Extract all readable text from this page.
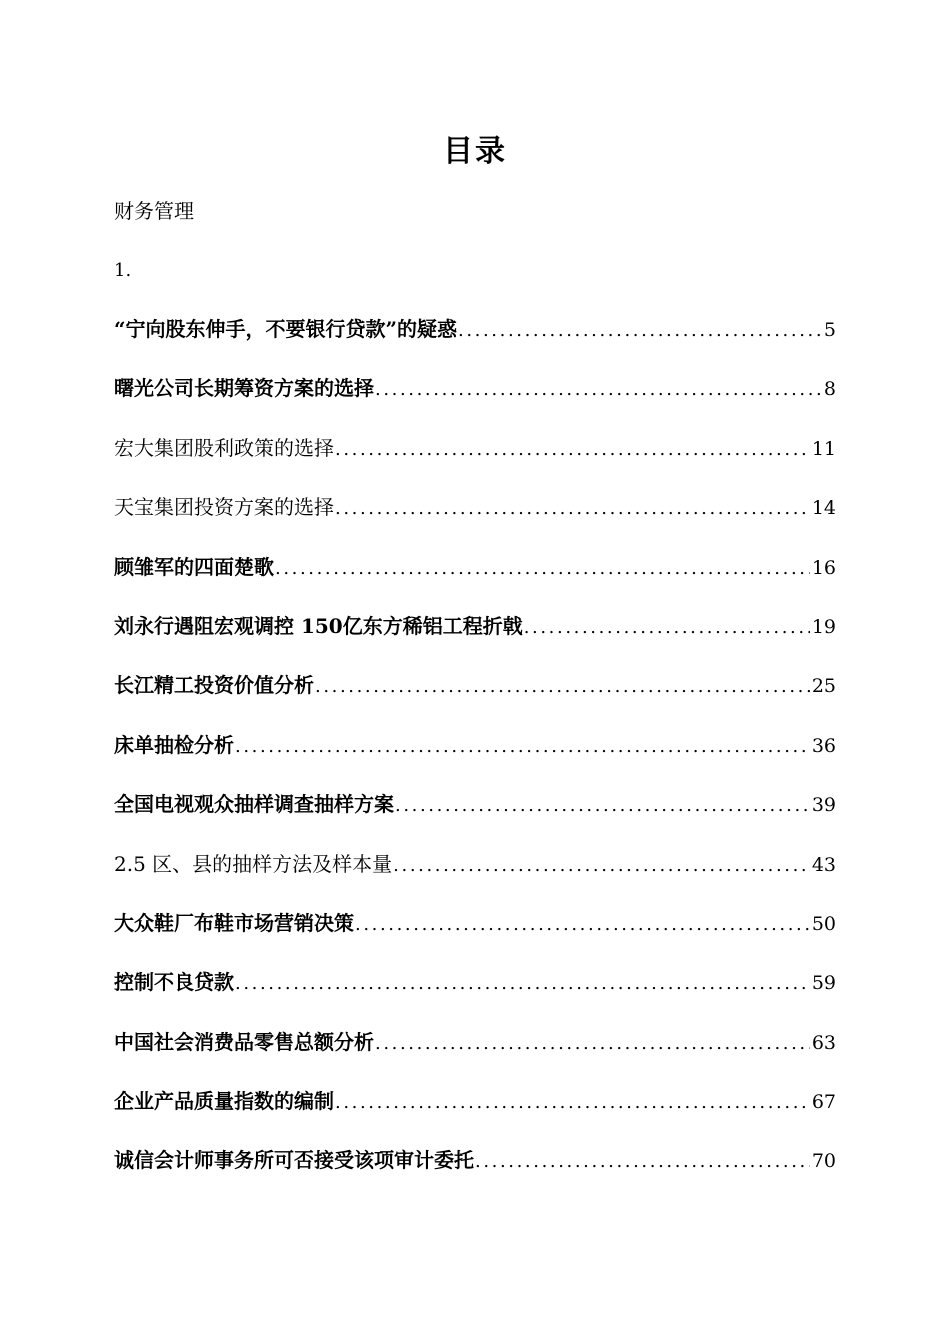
目录
财务管理
1.
“宁向股东伸手，不要银行贷款”的疑惑 .....	5
曙光公司长期筹资方案的选择 .....	8
宏大集团股利政策的选择 .....	11
天宝集团投资方案的选择 .....	14
顾雏军的四面楚歌 .....	16
刘永行遇阻宏观调控 150亿东方稀铝工程折戟 .....	19
长江精工投资价值分析 .....	25
床单抽检分析 .....	36
全国电视观众抽样调查抽样方案 .....	39
2.5 区、县的抽样方法及样本量 .....	43
大众鞋厂布鞋市场营销决策 .....	50
控制不良贷款 .....	59
中国社会消费品零售总额分析 .....	63
企业产品质量指数的编制 .....	67
诚信会计师事务所可否接受该项审计委托 .....	70
